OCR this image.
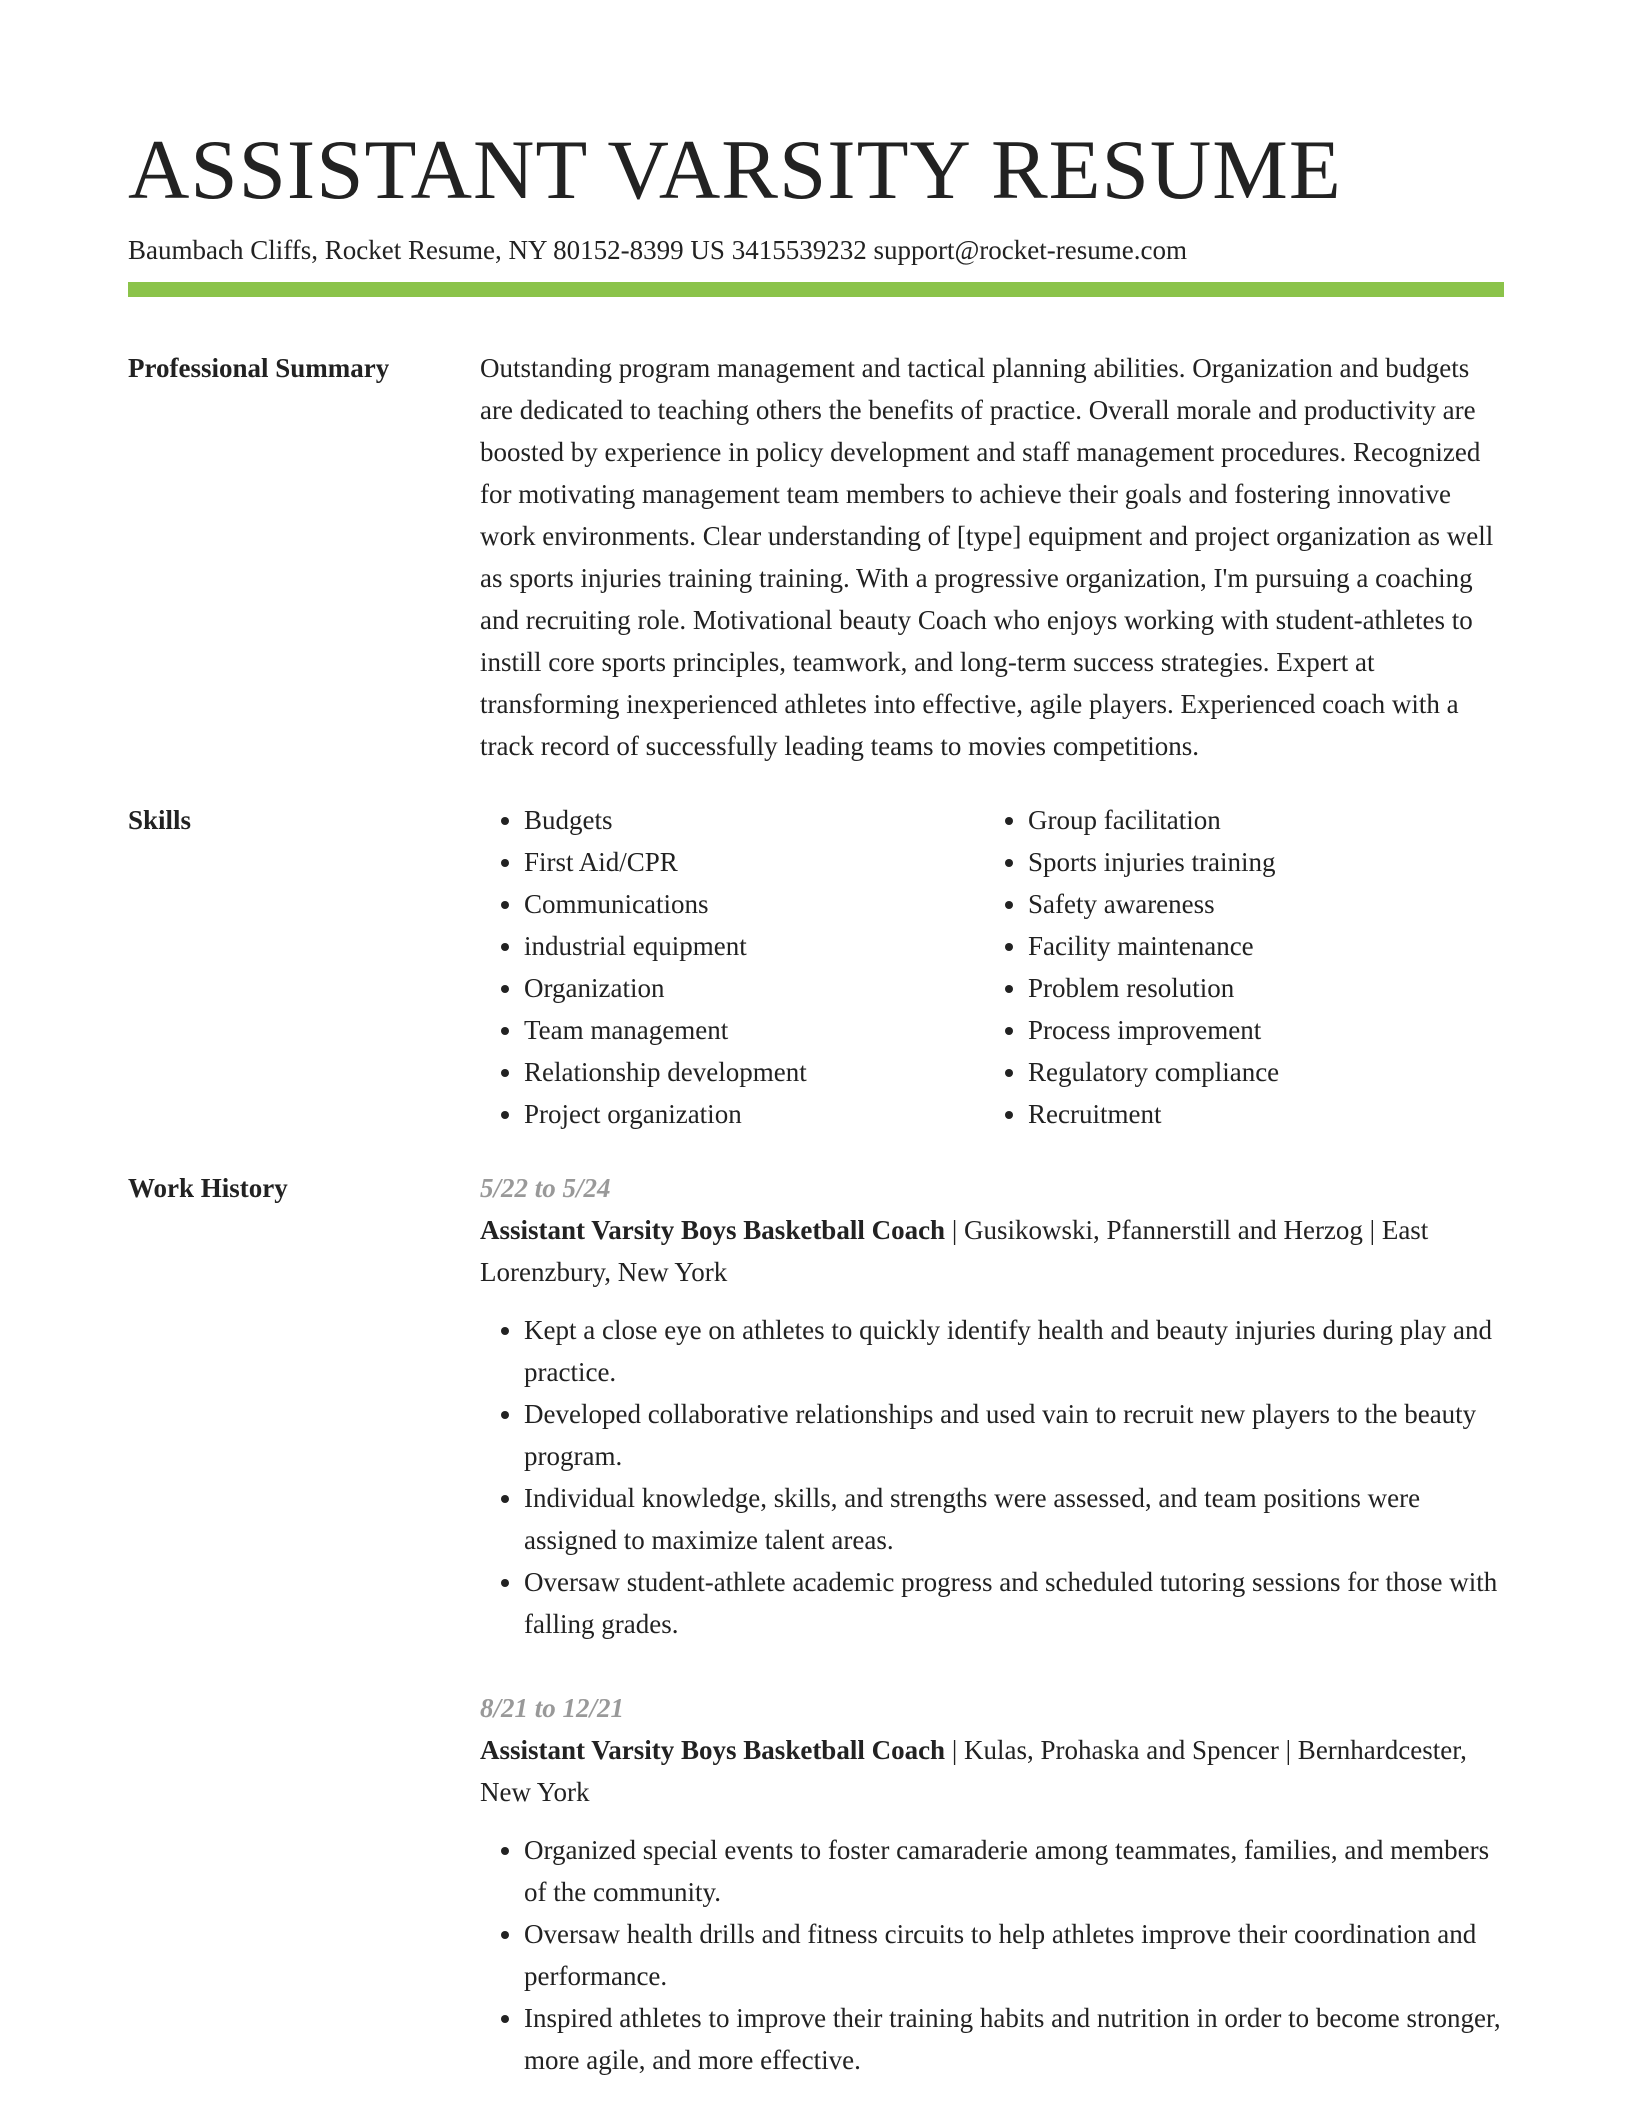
ASSISTANT VARSITY RESUME
Baumbach Cliffs, Rocket Resume, NY 80152-8399 US 3415539232 support@rocket-resume.com
Professional Summary	Outstanding program management and tactical planning abilities. Organization and budgets are dedicated to teaching others the benefits of practice. Overall morale and productivity are boosted by experience in policy development and staff management procedures. Recognized for motivating management team members to achieve their goals and fostering innovative work environments. Clear understanding of [type] equipment and project organization as well as sports injuries training training. With a progressive organization, I'm pursuing a coaching and recruiting role. Motivational beauty Coach who enjoys working with student-athletes to instill core sports principles, teamwork, and long-term success strategies. Expert at transforming inexperienced athletes into effective, agile players. Experienced coach with a track record of successfully leading teams to movies competitions.

Skills
•	Budgets
• First Aid/CPR
• Communications
• industrial equipment
• Organization
• Team management
• Relationship development
• Project organization
• Group facilitation
• Sports injuries training
• Safety awareness
• Facility maintenance
• Problem resolution
• Process improvement
• Regulatory compliance
• Recruitment
Work History	5/22 to 5/24
Assistant Varsity Boys Basketball Coach | Gusikowski, Pfannerstill and Herzog | East Lorenzbury, New York
• Kept a close eye on athletes to quickly identify health and beauty injuries during play and practice.
• Developed collaborative relationships and used vain to recruit new players to the beauty program.
• Individual knowledge, skills, and strengths were assessed, and team positions were assigned to maximize talent areas.
• Oversaw student-athlete academic progress and scheduled tutoring sessions for those with falling grades.
8/21 to 12/21
Assistant Varsity Boys Basketball Coach | Kulas, Prohaska and Spencer | Bernhardcester, New York
• Organized special events to foster camaraderie among teammates, families, and members of the community.
• Oversaw health drills and fitness circuits to help athletes improve their coordination and performance.
• Inspired athletes to improve their training habits and nutrition in order to become stronger, more agile, and more effective.
